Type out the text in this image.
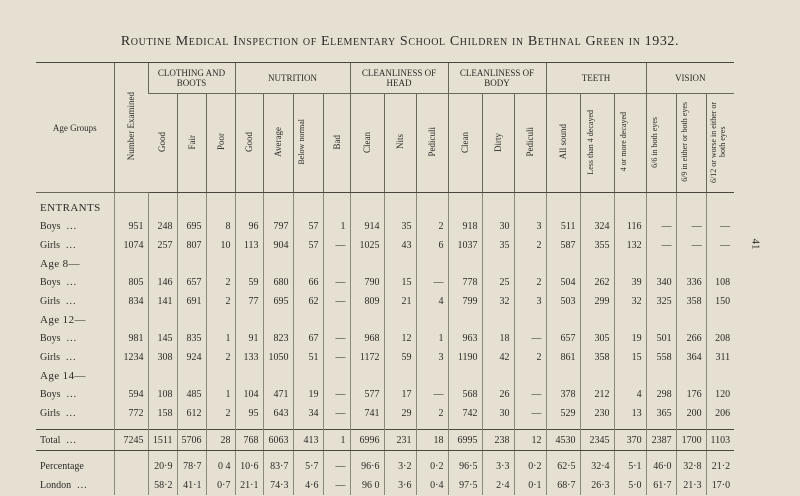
Routine Medical Inspection of Elementary School Children in Bethnal Green in 1932.
41
Age Groups	Number Examined	CLOTHING AND BOOTS			NUTRITION				CLEANLINESS OF HEAD			CLEANLINESS OF BODY			TEETH			VISION		
		Good	Fair	Poor	Good	Average	Below normal	Bad	Clean	Nits	Pediculi	Clean	Dirty	Pediculi	All sound	Less than 4 decayed	4 or more decayed	6/6 in both eyes	6/9 in either or both eyes	6/12 or worse in either or both eyes

ENTRANTS																				
Boys ...	951	248	695	8	96	797	57	1	914	35	2	918	30	3	511	324	116	—	—	—
Girls ...	1074	257	807	10	113	904	57	—	1025	43	6	1037	35	2	587	355	132	—	—	—
Age 8—																				
Boys ...	805	146	657	2	59	680	66	—	790	15	—	778	25	2	504	262	39	340	336	108
Girls ...	834	141	691	2	77	695	62	—	809	21	4	799	32	3	503	299	32	325	358	150
Age 12—																				
Boys ...	981	145	835	1	91	823	67	—	968	12	1	963	18	—	657	305	19	501	266	208
Girls ...	1234	308	924	2	133	1050	51	—	1172	59	3	1190	42	2	861	358	15	558	364	311
Age 14—																				
Boys ...	594	108	485	1	104	471	19	—	577	17	—	568	26	—	378	212	4	298	176	120
Girls ...	772	158	612	2	95	643	34	—	741	29	2	742	30	—	529	230	13	365	200	206

Total ...	7245	1511	5706	28	768	6063	413	1	6996	231	18	6995	238	12	4530	2345	370	2387	1700	1103

Percentage		20·9	78·7	0 4	10·6	83·7	5·7	—	96·6	3·2	0·2	96·5	3·3	0·2	62·5	32·4	5·1	46·0	32·8	21·2
London ...		58·2	41·1	0·7	21·1	74·3	4·6	—	96 0	3·6	0·4	97·5	2·4	0·1	68·7	26·3	5·0	61·7	21·3	17·0
